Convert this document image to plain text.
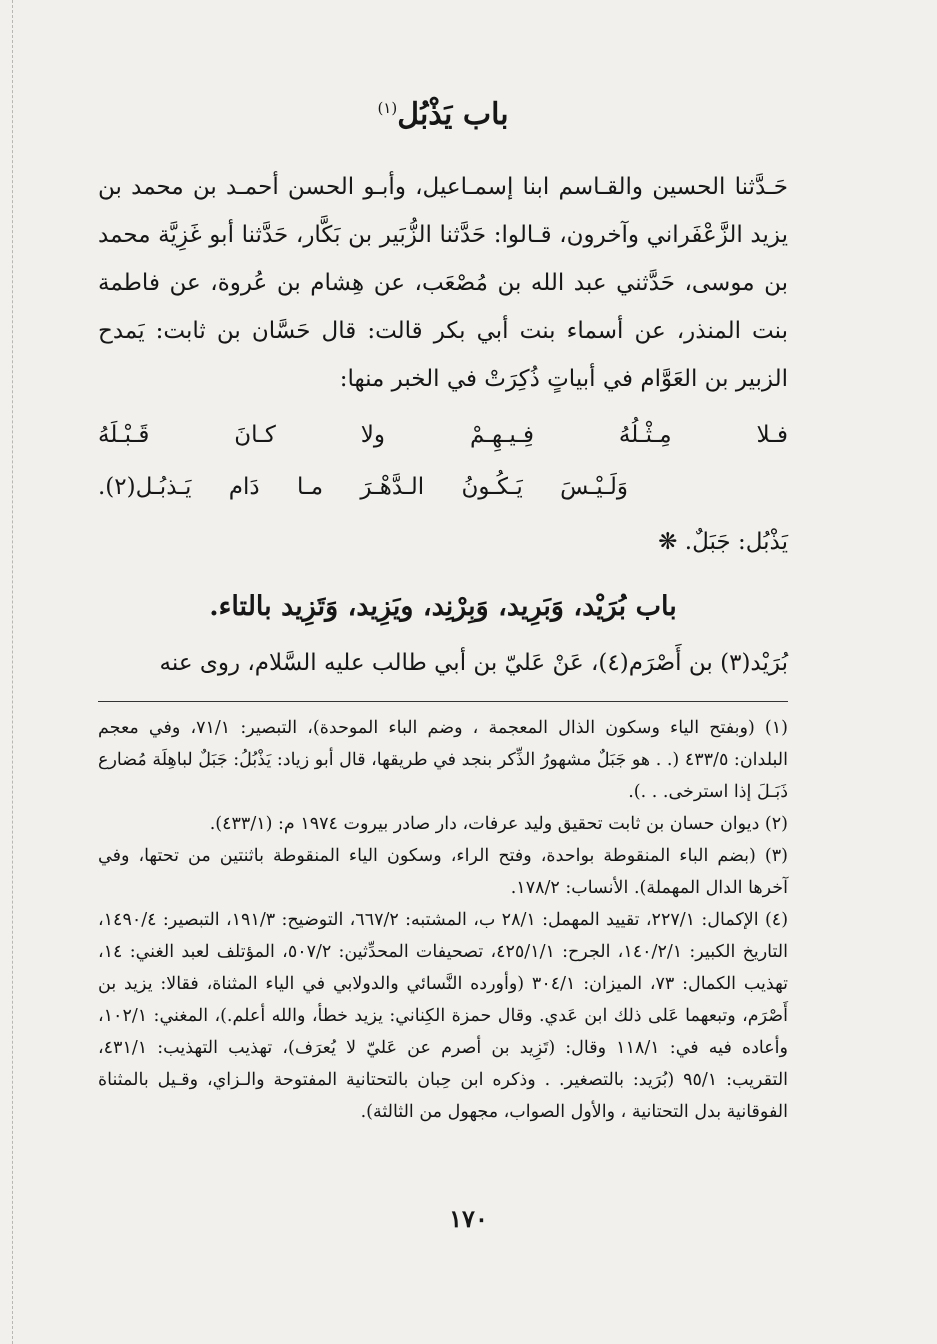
باب يَذْبُل$^{(١)}$

حَـدَّثنا الحسين والقـاسم ابنا إسمـاعيل، وأبـو الحسن أحمـد بن محمد بن يزيد الزَّعْفَراني وآخرون، قـالوا: حَدَّثنا الزُّبَير بن بَكَّار، حَدَّثنا أبو غَزِيَّة محمد بن موسى، حَدَّثني عبد الله بن مُصْعَب، عن هِشام بن عُروة، عن فاطمة بنت المنذر، عن أسماء بنت أبي بكر قالت: قال حَسَّان بن ثابت: يَمدح الزبير بن العَوَّام في أبياتٍ ذُكِرَتْ في الخبر منها:

فـلا مِـثْـلُهُ فِـيـهِـمْ ولا كـانَ قَـبْـلَهُ

وَلَـيْـسَ يَـكُـونُ الـدَّهْـرَ مـا دَام يَـذبُـل(٢).

يَذْبُل: جَبَلٌ. ❋

باب بُرَيْد، وَبَرِيد، وَبِرْنِد، ويَزِيد، وَتَزِيد بالتاء.

بُرَيْد(٣) بن أَصْرَم(٤)، عَنْ عَليّ بن أبي طالب عليه السَّلام، روى عنه

(١) (وبفتح الياء وسكون الذال المعجمة ، وضم الباء الموحدة)، التبصير: ٧١/١، وفي معجم البلدان: ٤٣٣/٥ (. . هو جَبَلٌ مشهورُ الذِّكر بنجد في طريقها، قال أبو زياد: يَذْبُلُ: جَبَلٌ لباهِلَة مُضارع ذَبَـلَ إذا استرخى. . .).

(٢) ديوان حسان بن ثابت تحقيق وليد عرفات، دار صادر بيروت ١٩٧٤ م: (٤٣٣/١).

(٣) (بضم الباء المنقوطة بواحدة، وفتح الراء، وسكون الياء المنقوطة باثنتين من تحتها، وفي آخرها الدال المهملة). الأنساب: ١٧٨/٢.

(٤) الإكمال: ٢٢٧/١، تقييد المهمل: ٢٨/١ ب، المشتبه: ٦٦٧/٢، التوضيح: ١٩١/٣، التبصير: ١٤٩٠/٤، التاريخ الكبير: ١٤٠/٢/١، الجرح: ٤٢٥/١/١، تصحيفات المحدِّثين: ٥٠٧/٢، المؤتلف لعبد الغني: ١٤، تهذيب الكمال: ٧٣، الميزان: ٣٠٤/١ (وأورده النَّسائي والدولابي في الياء المثناة، فقالا: يزيد بن أَصْرَم، وتبعهما عَلى ذلك ابن عَدي. وقال حمزة الكِناني: يزيد خطأ، والله أعلم.)، المغني: ١٠٢/١، وأعاده فيه في: ١١٨/١ وقال: (تَزِيد بن أصرم عن عَليّ لا يُعرَف)، تهذيب التهذيب: ٤٣١/١، التقريب: ٩٥/١ (بُرَيد: بالتصغير. . وذكره ابن حِبان بالتحتانية المفتوحة والـزاي، وقـيل بالمثناة الفوقانية بدل التحتانية ، والأول الصواب، مجهول من الثالثة).

١٧٠
